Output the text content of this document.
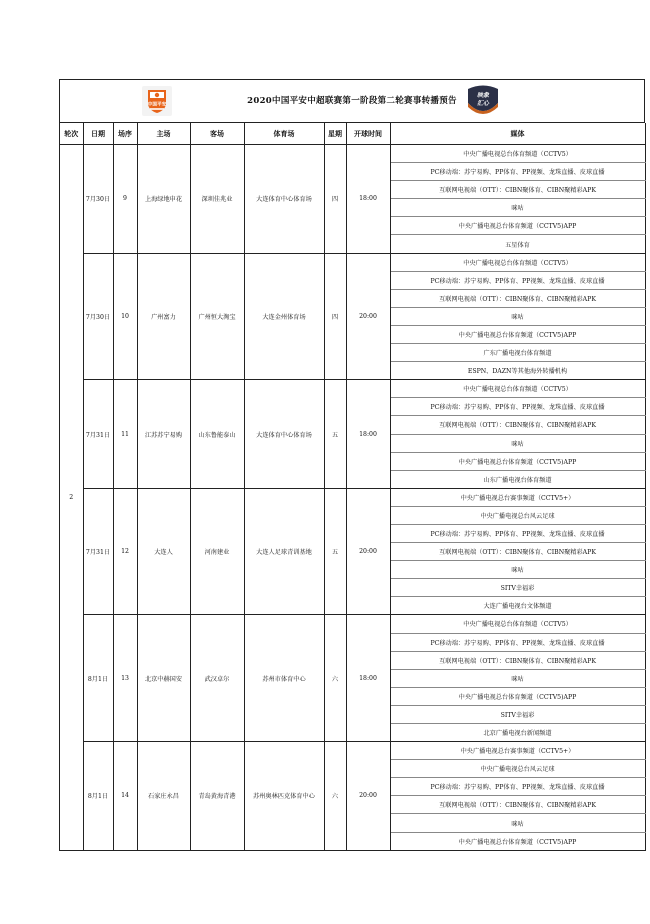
中国平安	2020中国平安中超联赛第一阶段第二轮赛事转播预告
映象
汇心
轮次	日期	场序	主场	客场	体育场	星期	开球时间	媒体
2	7月30日	9	上海绿地申花	深圳佳兆业	大连体育中心体育场	四	18:00	中央广播电视总台体育频道（CCTV5）
								PC移动端：苏宁易购、PP体育、PP视频、龙珠直播、皮球直播
								互联网电视端（OTT）：CIBN聚体育、CIBN聚精彩APK
								咪咕
								中央广播电视总台体育频道（CCTV5)APP
								五星体育
	7月30日	10	广州富力	广州恒大淘宝	大连金州体育场	四	20:00	中央广播电视总台体育频道（CCTV5）
								PC移动端：苏宁易购、PP体育、PP视频、龙珠直播、皮球直播
								互联网电视端（OTT）：CIBN聚体育、CIBN聚精彩APK
								咪咕
								中央广播电视总台体育频道（CCTV5)APP
								广东广播电视台体育频道
								ESPN、DAZN等其他海外转播机构
	7月31日	11	江苏苏宁易购	山东鲁能泰山	大连体育中心体育场	五	18:00	中央广播电视总台体育频道（CCTV5）
								PC移动端：苏宁易购、PP体育、PP视频、龙珠直播、皮球直播
								互联网电视端（OTT）：CIBN聚体育、CIBN聚精彩APK
								咪咕
								中央广播电视总台体育频道（CCTV5)APP
								山东广播电视台体育频道
	7月31日	12	大连人	河南建业	大连人足球青训基地	五	20:00	中央广播电视总台赛事频道（CCTV5+）
								中央广播电视总台风云足球
								PC移动端：苏宁易购、PP体育、PP视频、龙珠直播、皮球直播
								互联网电视端（OTT）：CIBN聚体育、CIBN聚精彩APK
								咪咕
								SITV幸福彩
								大连广播电视台文体频道
	8月1日	13	北京中赫国安	武汉卓尔	苏州市体育中心	六	18:00	中央广播电视总台体育频道（CCTV5）
								PC移动端：苏宁易购、PP体育、PP视频、龙珠直播、皮球直播
								互联网电视端（OTT）：CIBN聚体育、CIBN聚精彩APK
								咪咕
								中央广播电视总台体育频道（CCTV5)APP
								SITV幸福彩
								北京广播电视台新闻频道
	8月1日	14	石家庄永昌	青岛黄海青港	苏州奥林匹克体育中心	六	20:00	中央广播电视总台赛事频道（CCTV5+）
								中央广播电视总台风云足球
								PC移动端：苏宁易购、PP体育、PP视频、龙珠直播、皮球直播
								互联网电视端（OTT）：CIBN聚体育、CIBN聚精彩APK
								咪咕
								中央广播电视总台体育频道（CCTV5)APP
